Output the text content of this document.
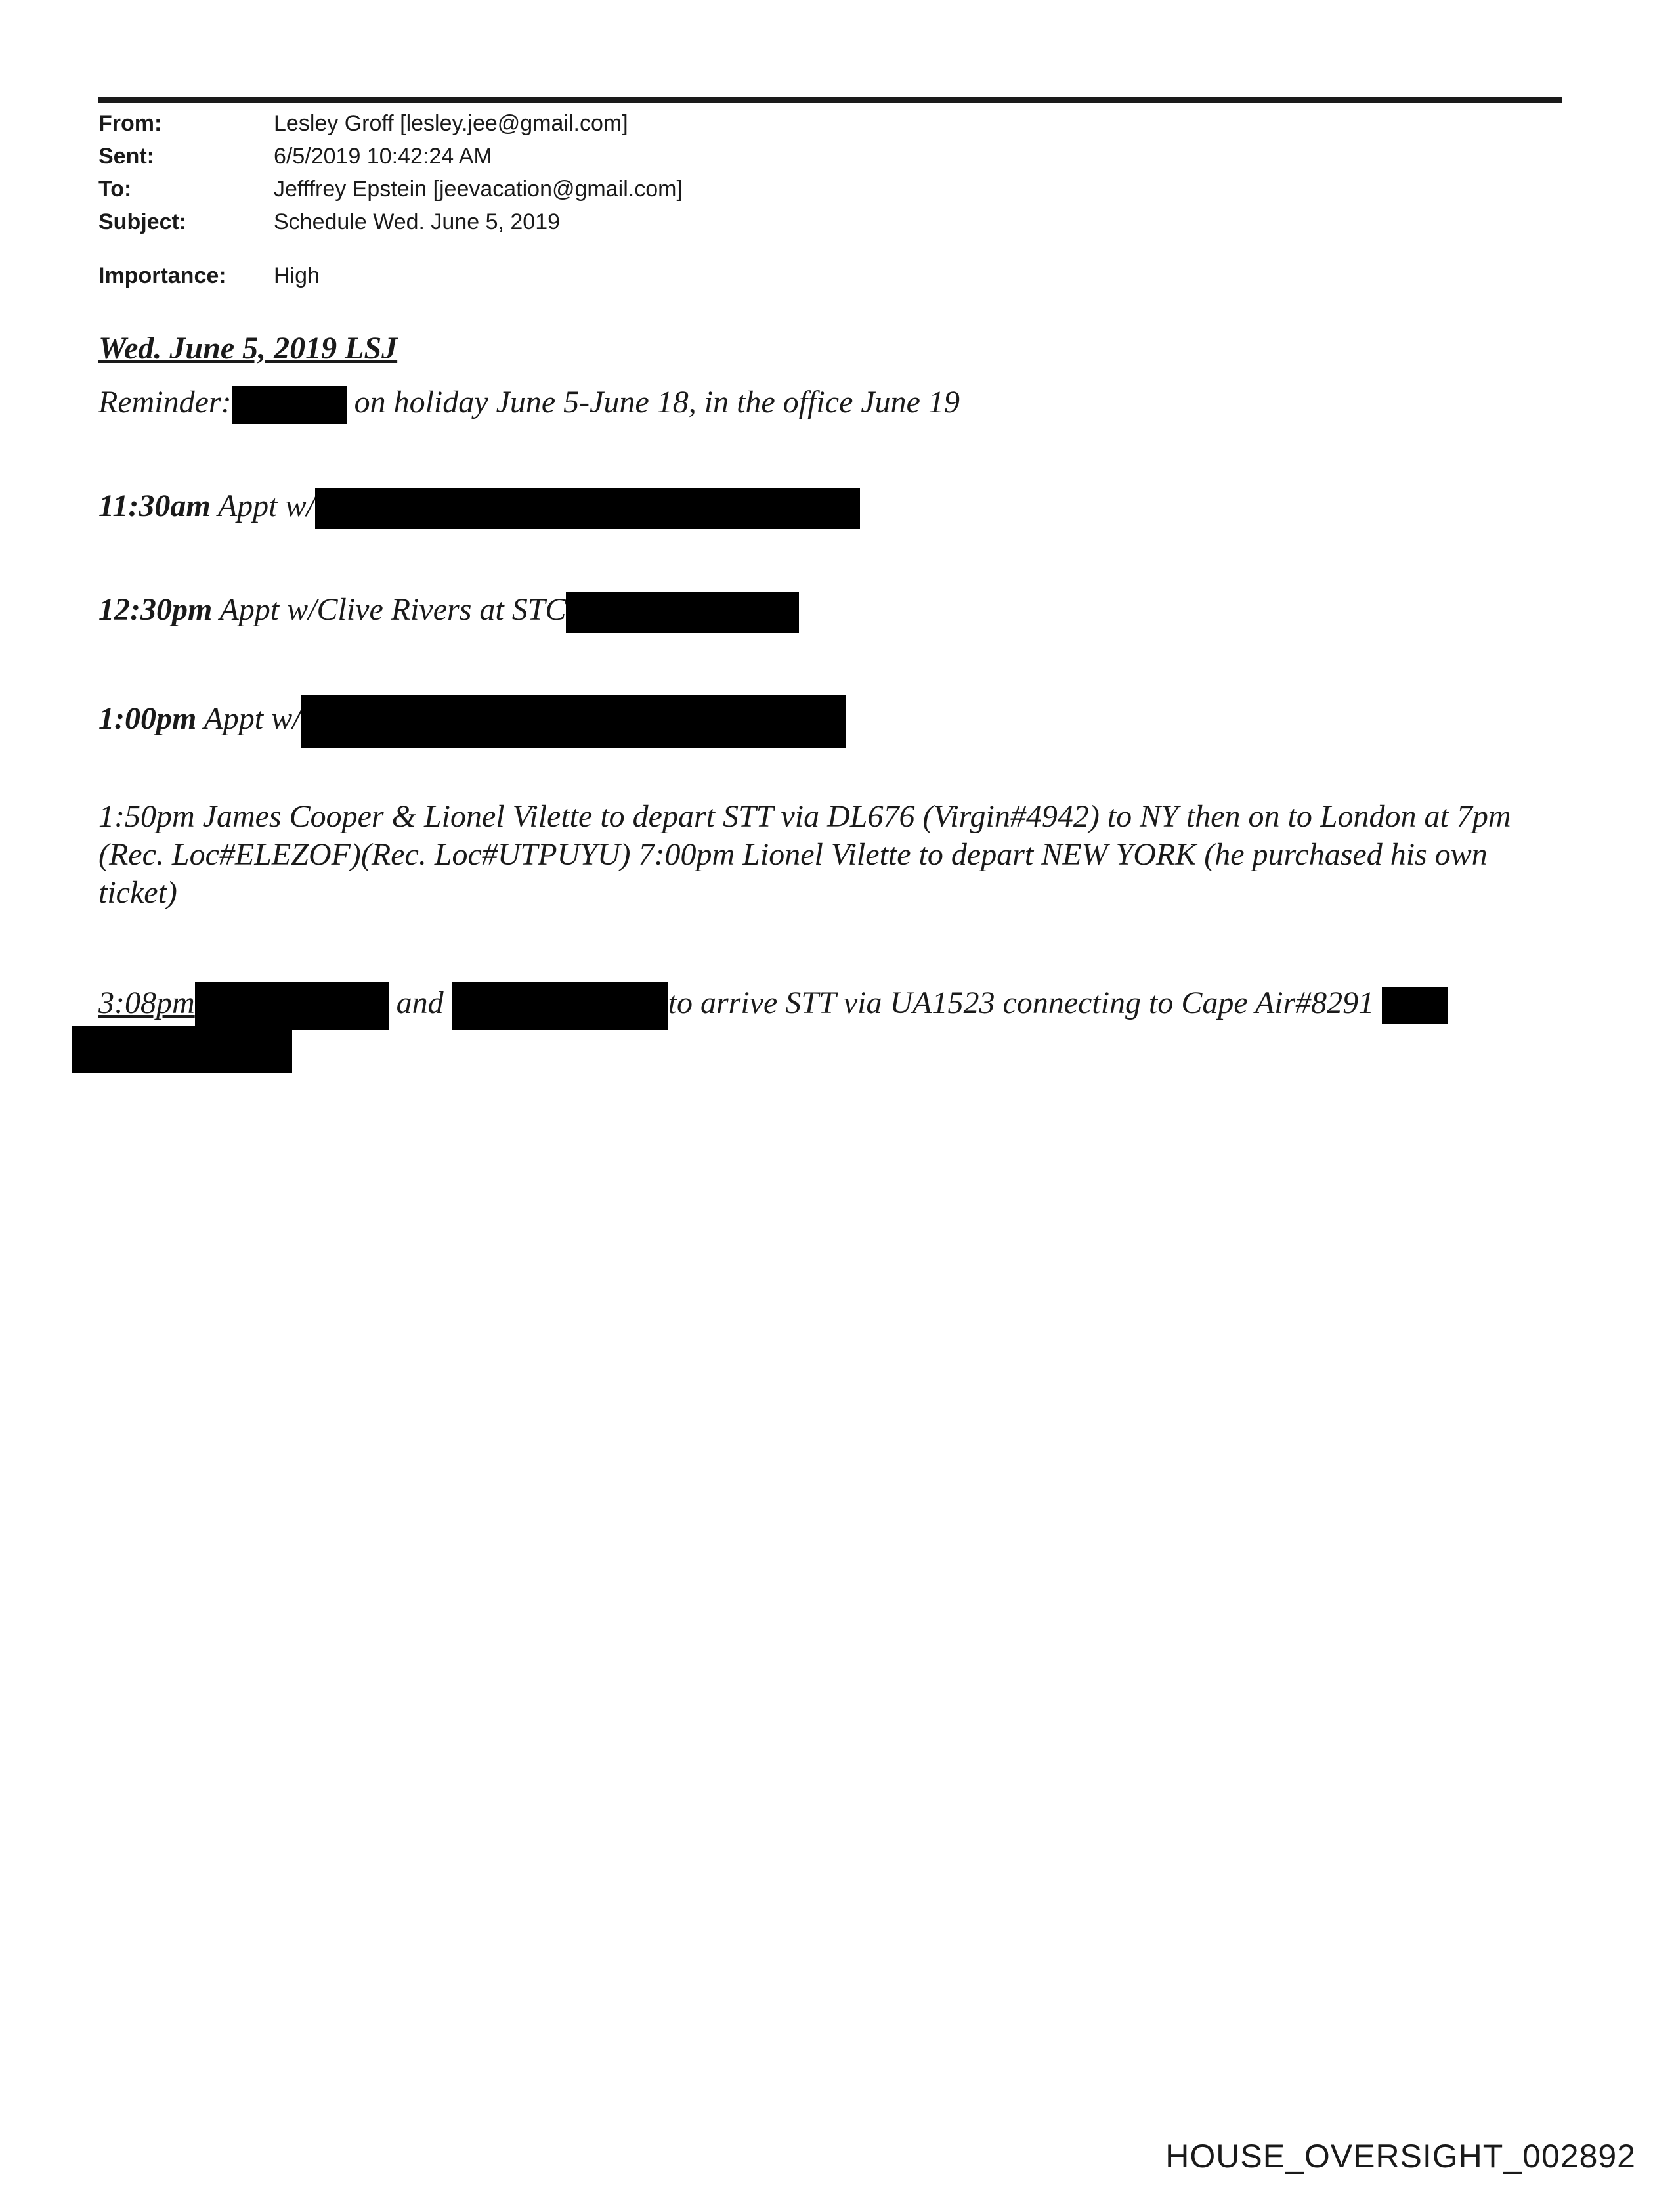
From:	Lesley Groff [lesley.jee@gmail.com]
Sent:	6/5/2019 10:42:24 AM
To:	Jefffrey Epstein [jeevacation@gmail.com]
Subject:	Schedule Wed. June 5, 2019
Importance: High
Wed. June 5, 2019 LSJ
Reminder:	on holiday June 5-June 18, in the office June 19
11:30am Appt w/
12:30pm Appt w/Clive Rivers at STC
1:00pm Appt w/
1:50pm James Cooper & Lionel Vilette to depart STT via DL676 (Virgin#4942) to NY then on to London at 7pm (Rec. Loc#ELEZOF)(Rec. Loc#UTPUYU) 7:00pm Lionel Vilette to depart NEW YORK (he purchased his own ticket)
3:08pm	and	to arrive STT via UA1523 connecting to Cape Air#8291
HOUSE_OVERSIGHT_002892
